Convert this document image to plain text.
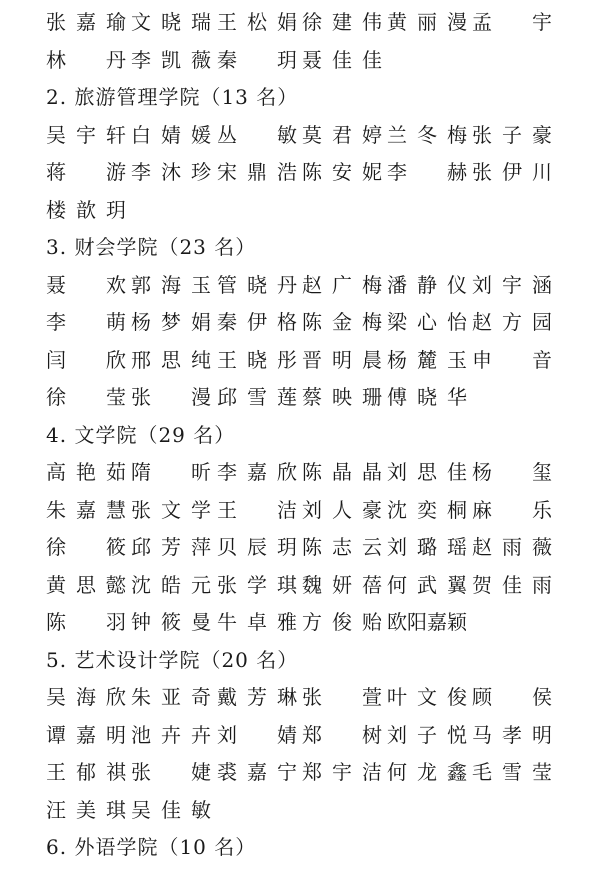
张嘉瑜 文晓瑞 王松娟 徐建伟 黄丽漫 孟　宇
林　丹 李凯薇 秦　玥 聂佳佳
2. 旅游管理学院（13 名）
吴宇轩 白婧媛 丛　敏 莫君婷 兰冬梅 张子豪
蒋　游 李沐珍 宋鼎浩 陈安妮 李　赫 张伊川
楼歆玥
3. 财会学院（23 名）
聂　欢 郭海玉 管晓丹 赵广梅 潘静仪 刘宇涵
李　萌 杨梦娟 秦伊格 陈金梅 梁心怡 赵方园
闫　欣 邢思纯 王晓彤 晋明晨 杨麓玉 申　音
徐　莹 张　漫 邱雪莲 蔡映珊 傅晓华
4. 文学院（29 名）
高艳茹 隋　昕 李嘉欣 陈晶晶 刘思佳 杨　玺
朱嘉慧 张文学 王　洁 刘人豪 沈奕桐 麻　乐
徐　筱 邱芳萍 贝辰玥 陈志云 刘璐瑶 赵雨薇
黄思懿 沈皓元 张学琪 魏妍蓓 何武翼 贺佳雨
陈　羽 钟筱曼 牛卓雅 方俊贻 欧阳嘉颖
5. 艺术设计学院（20 名）
吴海欣 朱亚奇 戴芳琳 张　萱 叶文俊 顾　侯
谭嘉明 池卉卉 刘　婧 郑　树 刘子悦 马孝明
王郁祺 张　婕 裘嘉宁 郑宇洁 何龙鑫 毛雪莹
汪美琪 吴佳敏
6. 外语学院（10 名）
